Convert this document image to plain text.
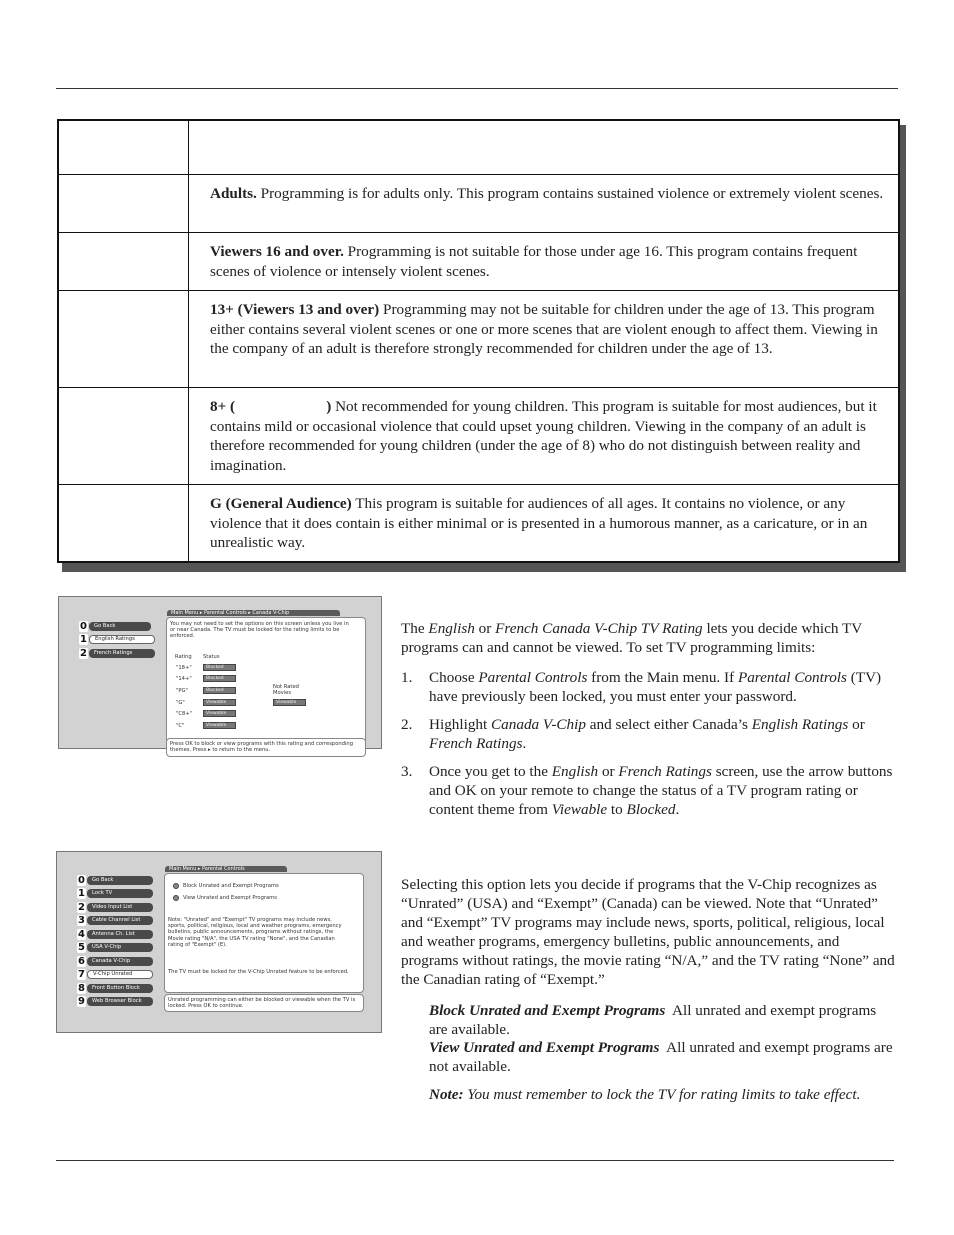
Adults. Programming is for adults only. This program contains sustained violence or extremely violent scenes.
Viewers 16 and over. Programming is not suitable for those under age 16. This program contains frequent scenes of violence or intensely violent scenes.
13+ (Viewers 13 and over) Programming may not be suitable for children under the age of 13. This program either contains several violent scenes or one or more scenes that are violent enough to affect them. Viewing in the company of an adult is therefore strongly recommended for children under the age of 13.
8+ (                        ) Not recommended for young children. This program is suitable for most audiences, but it contains mild or occasional violence that could upset young children. Viewing in the company of an adult is therefore recommended for young children (under the age of 8) who do not distinguish between reality and imagination.
G (General Audience) This program is suitable for audiences of all ages. It contains no violence, or any violence that it does contain is either minimal or is presented in a humorous manner, as a caricature, or in an unrealistic way.
0	Go Back
1	English Ratings
2	French Ratings
Main Menu ▸ Parental Controls ▸ Canada V-Chip
You may not need to set the options on this screen unless you live in or near Canada. The TV must be locked for the rating limits to be enforced.
Rating Status
"18+"	Blocked
"14+"	Blocked
"PG"	Blocked
"G"	Viewable
"C8+"	Viewable
"C"	Viewable
Not Rated Movies
Viewable
Press OK to block or view programs with this rating and corresponding themes. Press ▸ to return to the menu.
0	Go Back
1	Lock TV
2	Video Input List
3	Cable Channel List
4	Antenna Ch. List
5	USA V-Chip
6	Canada V-Chip
7	V-Chip Unrated
8	Front Button Block
9	Web Browser Block
Main Menu ▸ Parental Controls
Block Unrated and Exempt Programs
View Unrated and Exempt Programs
Note: "Unrated" and "Exempt" TV programs may include news, sports, political, religious, local and weather programs, emergency bulletins, public announcements, programs without ratings, the Movie rating "N/A", the USA TV rating "None", and the Canadian rating of "Exempt" (E).
The TV must be locked for the V-Chip Unrated feature to be enforced.
Unrated programming can either be blocked or viewable when the TV is locked. Press OK to continue.
The English or French Canada V-Chip TV Rating lets you decide which TV programs can and cannot be viewed. To set TV programming limits:
1. Choose Parental Controls from the Main menu. If Parental Controls (TV) have previously been locked, you must enter your password.
2. Highlight Canada V-Chip and select either Canada’s English Ratings or French Ratings.
3. Once you get to the English or French Ratings screen, use the arrow buttons and OK on your remote to change the status of a TV program rating or content theme from Viewable to Blocked.
Selecting this option lets you decide if programs that the V-Chip recognizes as “Unrated” (USA) and “Exempt” (Canada) can be viewed. Note that “Unrated” and “Exempt” TV programs may include news, sports, political, religious, local and weather programs, emergency bulletins, public announcements, and programs without ratings, the movie rating “N/A,” and the TV rating “None” and the Canadian rating of “Exempt.”
Block Unrated and Exempt Programs  All unrated and exempt programs are available.
View Unrated and Exempt Programs  All unrated and exempt programs are not available.
Note: You must remember to lock the TV for rating limits to take effect.
